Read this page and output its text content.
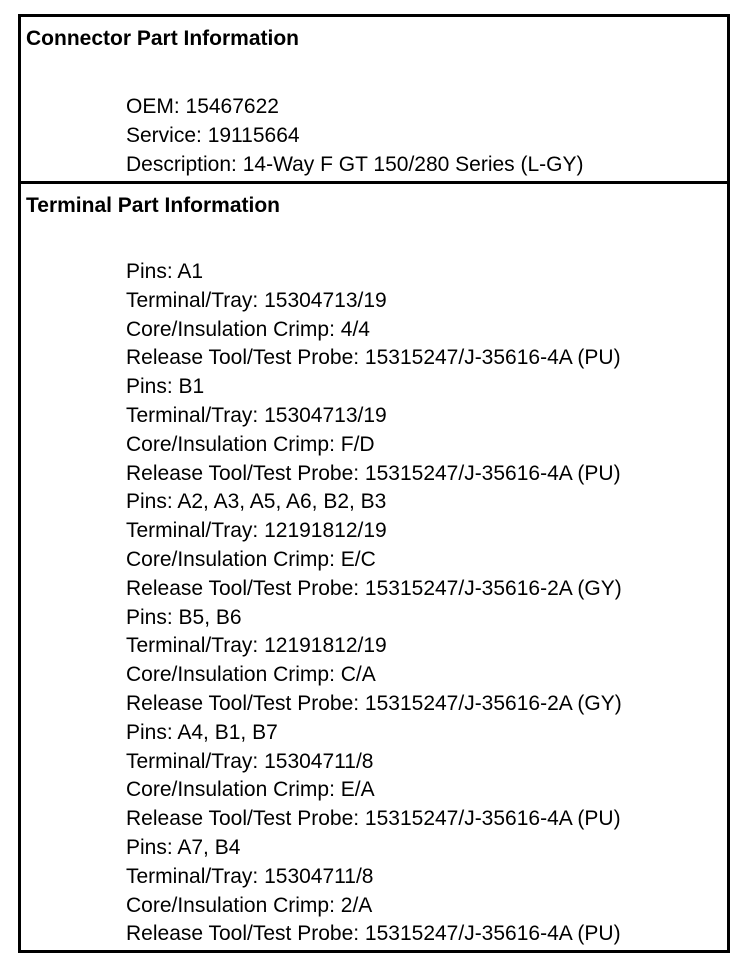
Connector Part Information
OEM : 15467622
Service : 19115664
Description : 14-Way F GT 150/280 Series (L-GY)
Terminal Part Information
Pins : A1
Terminal/Tray : 15304713/19
Core/Insulation Crimp : 4/4
Release Tool/Test Probe : 15315247/J-35616-4A (PU)
Pins : B1
Terminal/Tray : 15304713/19
Core/Insulation Crimp : F/D
Release Tool/Test Probe : 15315247/J-35616-4A (PU)
Pins : A2, A3, A5, A6, B2, B3
Terminal/Tray : 12191812/19
Core/Insulation Crimp : E/C
Release Tool/Test Probe : 15315247/J-35616-2A (GY)
Pins : B5, B6
Terminal/Tray : 12191812/19
Core/Insulation Crimp : C/A
Release Tool/Test Probe : 15315247/J-35616-2A (GY)
Pins : A4, B1, B7
Terminal/Tray : 15304711/8
Core/Insulation Crimp : E/A
Release Tool/Test Probe : 15315247/J-35616-4A (PU)
Pins : A7, B4
Terminal/Tray : 15304711/8
Core/Insulation Crimp : 2/A
Release Tool/Test Probe : 15315247/J-35616-4A (PU)
